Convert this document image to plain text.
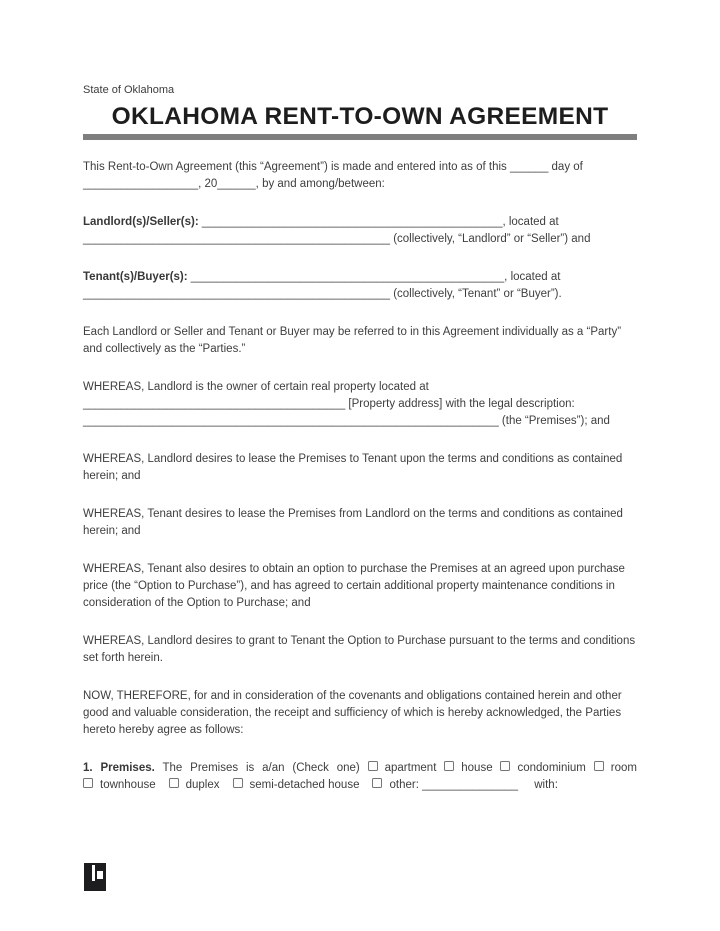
State of Oklahoma
OKLAHOMA RENT-TO-OWN AGREEMENT

This Rent-to-Own Agreement (this “Agreement”) is made and entered into as of this ______ day of
__________________, 20______, by and among/between:

Landlord(s)/Seller(s): _______________________________________________, located at
________________________________________________ (collectively, “Landlord” or “Seller”) and

Tenant(s)/Buyer(s): _________________________________________________, located at
________________________________________________ (collectively, “Tenant” or “Buyer”).

Each Landlord or Seller and Tenant or Buyer may be referred to in this Agreement individually as a “Party” and collectively as the “Parties.”

WHEREAS, Landlord is the owner of certain real property located at
_________________________________________ [Property address] with the legal description:
_________________________________________________________________ (the “Premises”); and

WHEREAS, Landlord desires to lease the Premises to Tenant upon the terms and conditions as contained herein; and

WHEREAS, Tenant desires to lease the Premises from Landlord on the terms and conditions as contained herein; and

WHEREAS, Tenant also desires to obtain an option to purchase the Premises at an agreed upon purchase price (the “Option to Purchase”), and has agreed to certain additional property maintenance conditions in consideration of the Option to Purchase; and

WHEREAS, Landlord desires to grant to Tenant the Option to Purchase pursuant to the terms and conditions set forth herein.

NOW, THEREFORE, for and in consideration of the covenants and obligations contained herein and other good and valuable consideration, the receipt and sufficiency of which is hereby acknowledged, the Parties hereto hereby agree as follows:

1. Premises. The Premises is a/an (Check one) apartment house condominium room
townhouse	duplex	semi-detached house	other: _______________ with:
